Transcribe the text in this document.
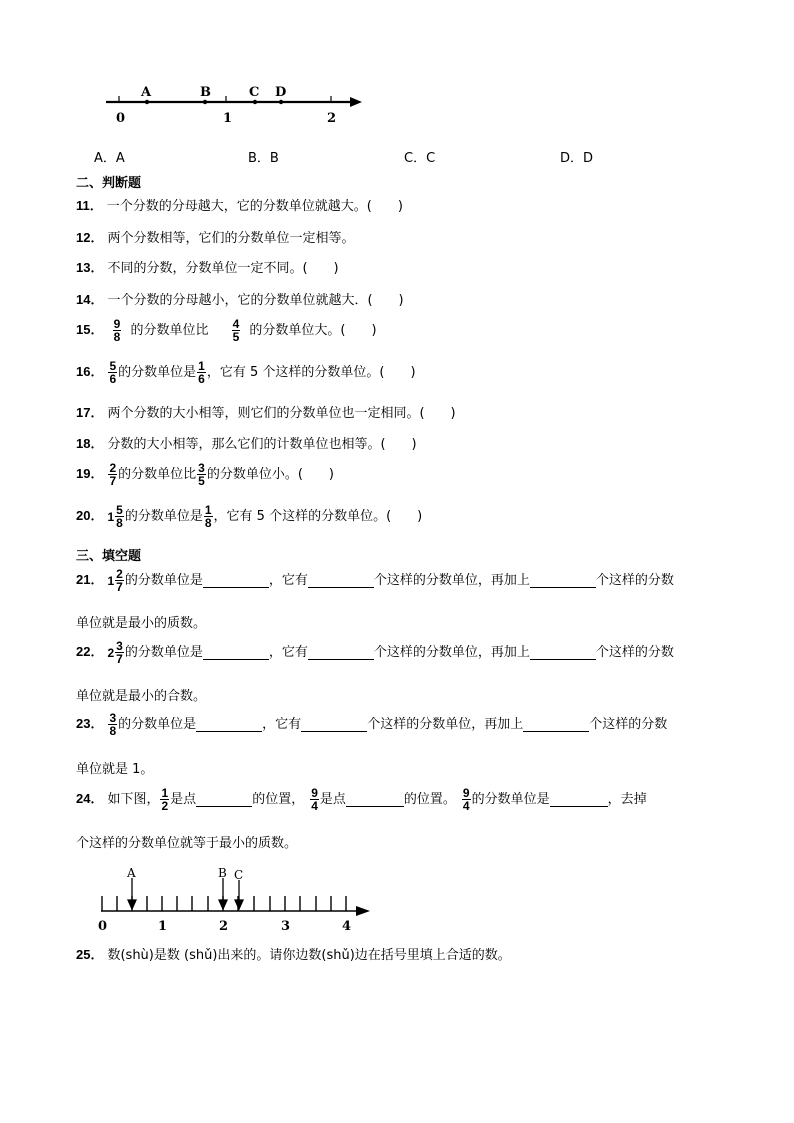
0	1	2
A	B	C D
A．A	B．B	C．C	D．D
二、判断题
11． 一个分数的分母越大，它的分数单位就越大。(　　)
12． 两个分数相等，它们的分数单位一定相等。
13． 不同的分数，分数单位一定不同。(　　)
14． 一个分数的分母越小，它的分数单位就越大．(　　)
15． $\frac{9}{8}$ 的分数单位比 $\frac{4}{5}$ 的分数单位大。(　　)
16． $\frac{5}{6}$ 的分数单位是 $\frac{1}{6}$ ，它有 5 个这样的分数单位。(　　)
17． 两个分数的大小相等，则它们的分数单位也一定相同。(　　)
18． 分数的大小相等，那么它们的计数单位也相等。(　　)
19． $\frac{2}{7}$ 的分数单位比 $\frac{3}{5}$ 的分数单位小。(　　)
20． $1 \frac{5}{8}$ 的分数单位是 $\frac{1}{8}$ ，它有 5 个这样的分数单位。(　　)
三、填空题
21． $1 \frac{2}{7}$ 的分数单位是	，它有	个这样的分数单位，再加上	个这样的分数
单位就是最小的质数。
22． $2 \frac{3}{7}$ 的分数单位是	，它有	个这样的分数单位，再加上	个这样的分数
单位就是最小的合数。
23． $\frac{3}{8}$ 的分数单位是	，它有	个这样的分数单位，再加上	个这样的分数
单位就是 1。
24． 如下图， $\frac{1}{2}$ 是点	的位置， $\frac{9}{4}$ 是点	的位置。 $\frac{9}{4}$ 的分数单位是	，去掉
个这样的分数单位就等于最小的质数。
A	B C
0	1	2	3	4
25． 数(shù)是数 (shǔ)出来的。请你边数(shǔ)边在括号里填上合适的数。
